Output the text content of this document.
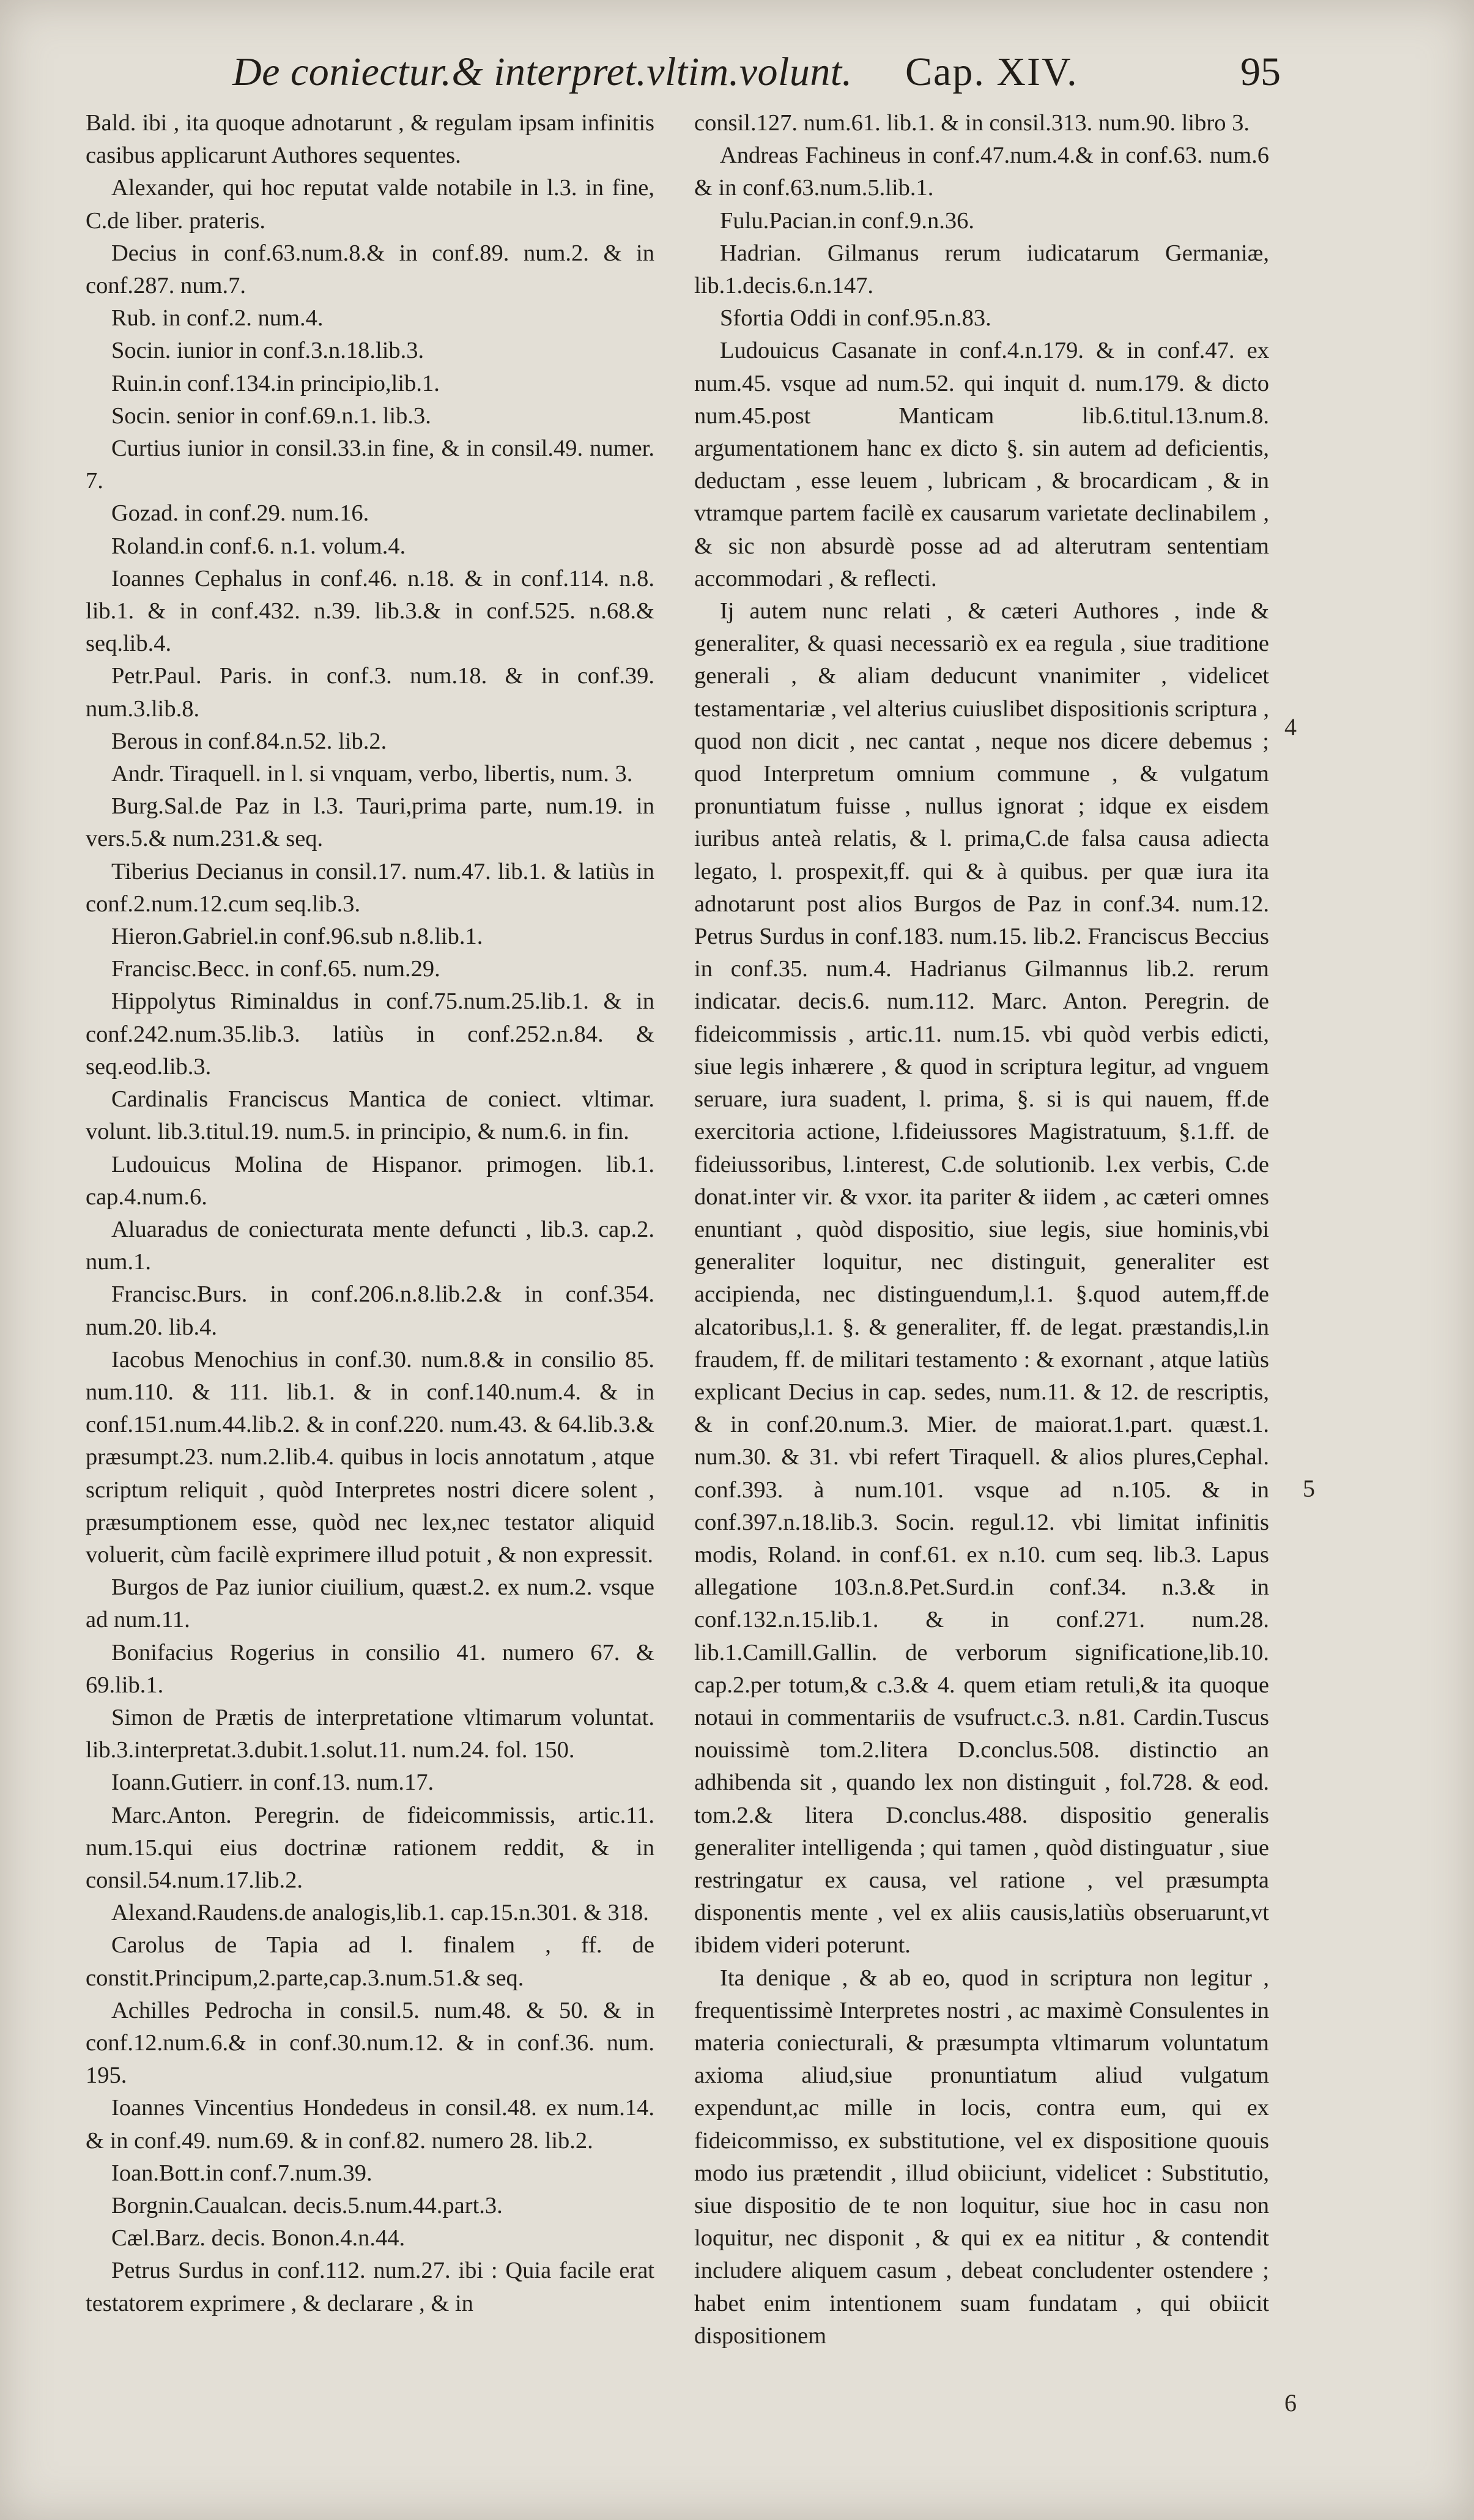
De coniectur.& interpret.vltim.volunt. Cap. XIV.	95

Bald. ibi , ita quoque adnotarunt , & regulam ipsam infinitis casibus applicarunt Authores sequentes.

Alexander, qui hoc reputat valde notabile in l.3. in fine, C.de liber. prateris.

Decius in conf.63.num.8.& in conf.89. num.2. & in conf.287. num.7.

Rub. in conf.2. num.4.

Socin. iunior in conf.3.n.18.lib.3.

Ruin.in conf.134.in principio,lib.1.

Socin. senior in conf.69.n.1. lib.3.

Curtius iunior in consil.33.in fine, & in consil.49. numer. 7.

Gozad. in conf.29. num.16.

Roland.in conf.6. n.1. volum.4.

Ioannes Cephalus in conf.46. n.18. & in conf.114. n.8. lib.1. & in conf.432. n.39. lib.3.& in conf.525. n.68.& seq.lib.4.

Petr.Paul. Paris. in conf.3. num.18. & in conf.39. num.3.lib.8.

Berous in conf.84.n.52. lib.2.

Andr. Tiraquell. in l. si vnquam, verbo, libertis, num. 3.

Burg.Sal.de Paz in l.3. Tauri,prima parte, num.19. in vers.5.& num.231.& seq.

Tiberius Decianus in consil.17. num.47. lib.1. & latiùs in conf.2.num.12.cum seq.lib.3.

Hieron.Gabriel.in conf.96.sub n.8.lib.1.

Francisc.Becc. in conf.65. num.29.

Hippolytus Riminaldus in conf.75.num.25.lib.1. & in conf.242.num.35.lib.3. latiùs in conf.252.n.84. & seq.eod.lib.3.

Cardinalis Franciscus Mantica de coniect. vltimar. volunt. lib.3.titul.19. num.5. in principio, & num.6. in fin.

Ludouicus Molina de Hispanor. primogen. lib.1. cap.4.num.6.

Aluaradus de coniecturata mente defuncti , lib.3. cap.2. num.1.

Francisc.Burs. in conf.206.n.8.lib.2.& in conf.354. num.20. lib.4.

Iacobus Menochius in conf.30. num.8.& in consilio 85. num.110. & 111. lib.1. & in conf.140.num.4. & in conf.151.num.44.lib.2. & in conf.220. num.43. & 64.lib.3.& præsumpt.23. num.2.lib.4. quibus in locis annotatum , atque scriptum reliquit , quòd Interpretes nostri dicere solent , præsumptionem esse, quòd nec lex,nec testator aliquid voluerit, cùm facilè exprimere illud potuit , & non expressit.

Burgos de Paz iunior ciuilium, quæst.2. ex num.2. vsque ad num.11.

Bonifacius Rogerius in consilio 41. numero 67. & 69.lib.1.

Simon de Prætis de interpretatione vltimarum voluntat. lib.3.interpretat.3.dubit.1.solut.11. num.24. fol. 150.

Ioann.Gutierr. in conf.13. num.17.

Marc.Anton. Peregrin. de fideicommissis, artic.11. num.15.qui eius doctrinæ rationem reddit, & in consil.54.num.17.lib.2.

Alexand.Raudens.de analogis,lib.1. cap.15.n.301. & 318.

Carolus de Tapia ad l. finalem , ff. de constit.Principum,2.parte,cap.3.num.51.& seq.

Achilles Pedrocha in consil.5. num.48. & 50. & in conf.12.num.6.& in conf.30.num.12. & in conf.36. num. 195.

Ioannes Vincentius Hondedeus in consil.48. ex num.14. & in conf.49. num.69. & in conf.82. numero 28. lib.2.

Ioan.Bott.in conf.7.num.39.

Borgnin.Caualcan. decis.5.num.44.part.3.

Cæl.Barz. decis. Bonon.4.n.44.

Petrus Surdus in conf.112. num.27. ibi : Quia facile erat testatorem exprimere , & declarare , & in

consil.127. num.61. lib.1. & in consil.313. num.90. libro 3.

Andreas Fachineus in conf.47.num.4.& in conf.63. num.6 & in conf.63.num.5.lib.1.

Fulu.Pacian.in conf.9.n.36.

Hadrian. Gilmanus rerum iudicatarum Germaniæ, lib.1.decis.6.n.147.

Sfortia Oddi in conf.95.n.83.

Ludouicus Casanate in conf.4.n.179. & in conf.47. ex num.45. vsque ad num.52. qui inquit d. num.179. & dicto num.45.post Manticam lib.6.titul.13.num.8. argumentationem hanc ex dicto §. sin autem ad deficientis, deductam , esse leuem , lubricam , & brocardicam , & in vtramque partem facilè ex causarum varietate declinabilem , & sic non absurdè posse ad ad alterutram sententiam accommodari , & reflecti.

Ij autem nunc relati , & cæteri Authores , inde & generaliter, & quasi necessariò ex ea regula , siue traditione generali , & aliam deducunt vnanimiter , videlicet testamentariæ , vel alterius cuiuslibet dispositionis scriptura , quod non dicit , nec cantat , neque nos dicere debemus ; quod Interpretum omnium commune , & vulgatum pronuntiatum fuisse , nullus ignorat ; idque ex eisdem iuribus anteà relatis, & l. prima,C.de falsa causa adiecta legato, l. prospexit,ff. qui & à quibus. per quæ iura ita adnotarunt post alios Burgos de Paz in conf.34. num.12. Petrus Surdus in conf.183. num.15. lib.2. Franciscus Beccius in conf.35. num.4. Hadrianus Gilmannus lib.2. rerum indicatar. decis.6. num.112. Marc. Anton. Peregrin. de fideicommissis , artic.11. num.15. vbi quòd verbis edicti, siue legis inhærere , & quod in scriptura legitur, ad vnguem seruare, iura suadent, l. prima, §. si is qui nauem, ff.de exercitoria actione, l.fideiussores Magistratuum, §.1.ff. de fideiussoribus, l.interest, C.de solutionib. l.ex verbis, C.de donat.inter vir. & vxor. ita pariter & iidem , ac cæteri omnes enuntiant , quòd dispositio, siue legis, siue hominis,vbi generaliter loquitur, nec distinguit, generaliter est accipienda, nec distinguendum,l.1. §.quod autem,ff.de alcatoribus,l.1. §. & generaliter, ff. de legat. præstandis,l.in fraudem, ff. de militari testamento : & exornant , atque latiùs explicant Decius in cap. sedes, num.11. & 12. de rescriptis, & in conf.20.num.3. Mier. de maiorat.1.part. quæst.1. num.30. & 31. vbi refert Tiraquell. & alios plures,Cephal. conf.393. à num.101. vsque ad n.105. & in conf.397.n.18.lib.3. Socin. regul.12. vbi limitat infinitis modis, Roland. in conf.61. ex n.10. cum seq. lib.3. Lapus allegatione 103.n.8.Pet.Surd.in conf.34. n.3.& in conf.132.n.15.lib.1. & in conf.271. num.28. lib.1.Camill.Gallin. de verborum significatione,lib.10. cap.2.per totum,& c.3.& 4. quem etiam retuli,& ita quoque notaui in commentariis de vsufruct.c.3. n.81. Cardin.Tuscus nouissimè tom.2.litera D.conclus.508. distinctio an adhibenda sit , quando lex non distinguit , fol.728. & eod. tom.2.& litera D.conclus.488. dispositio generalis generaliter intelligenda ; qui tamen , quòd distinguatur , siue restringatur ex causa, vel ratione , vel præsumpta disponentis mente , vel ex aliis causis,latiùs obseruarunt,vt ibidem videri poterunt.

Ita denique , & ab eo, quod in scriptura non legitur , frequentissimè Interpretes nostri , ac maximè Consulentes in materia coniecturali, & præsumpta vltimarum voluntatum axioma aliud,siue pronuntiatum aliud vulgatum expendunt,ac mille in locis, contra eum, qui ex fideicommisso, ex substitutione, vel ex dispositione quouis modo ius prætendit , illud obiiciunt, videlicet : Substitutio, siue dispositio de te non loquitur, siue hoc in casu non loquitur, nec disponit , & qui ex ea nititur , & contendit includere aliquem casum , debeat concludenter ostendere ; habet enim intentionem suam fundatam , qui obiicit dispositionem

4
5
6
